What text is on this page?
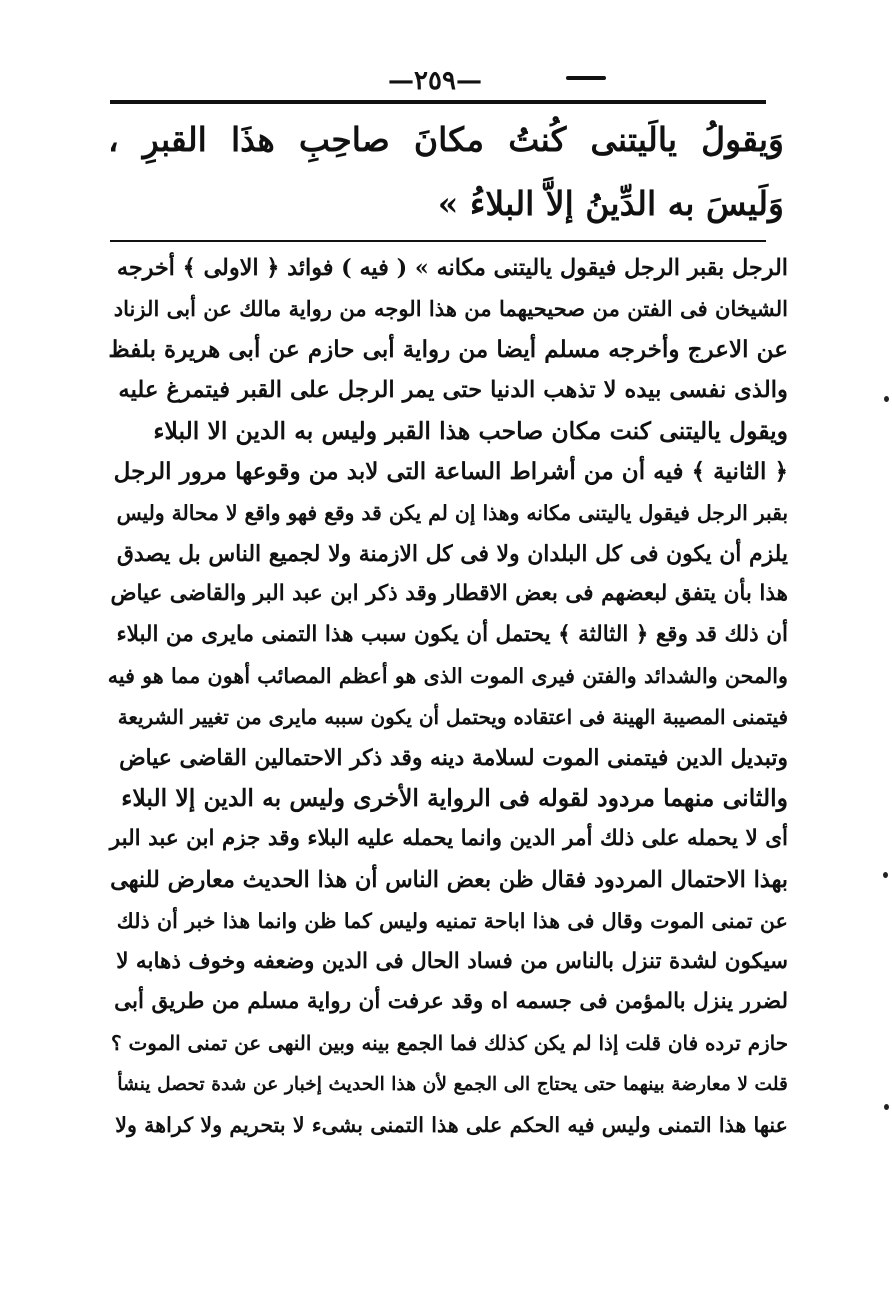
—٢٥٩—
وَيقولُ يالَيتنى كُنتُ مكانَ صاحِبِ هذَا القبرِ ، وَلَيسَ به الدِّينُ إلاَّ البلاءُ »
الرجل بقبر الرجل فيقول ياليتنى مكانه » ( فيه ) فوائد ﴿ الاولى ﴾ أخرجه
الشيخان فى الفتن من صحيحيهما من هذا الوجه من رواية مالك عن أبى الزناد
عن الاعرج وأخرجه مسلم أيضا من رواية أبى حازم عن أبى هريرة بلفظ
والذى نفسى بيده لا تذهب الدنيا حتى يمر الرجل على القبر فيتمرغ عليه
ويقول ياليتنى كنت مكان صاحب هذا القبر وليس به الدين الا البلاء
﴿ الثانية ﴾ فيه أن من أشراط الساعة التى لابد من وقوعها مرور الرجل
بقبر الرجل فيقول ياليتنى مكانه وهذا إن لم يكن قد وقع فهو واقع لا محالة وليس
يلزم أن يكون فى كل البلدان ولا فى كل الازمنة ولا لجميع الناس بل يصدق
هذا بأن يتفق لبعضهم فى بعض الاقطار وقد ذكر ابن عبد البر والقاضى عياض
أن ذلك قد وقع ﴿ الثالثة ﴾ يحتمل أن يكون سبب هذا التمنى مايرى من البلاء
والمحن والشدائد والفتن فيرى الموت الذى هو أعظم المصائب أهون مما هو فيه
فيتمنى المصيبة الهينة فى اعتقاده ويحتمل أن يكون سببه مايرى من تغيير الشريعة
وتبديل الدين فيتمنى الموت لسلامة دينه وقد ذكر الاحتمالين القاضى عياض
والثانى منهما مردود لقوله فى الرواية الأخرى وليس به الدين إلا البلاء
أى لا يحمله على ذلك أمر الدين وانما يحمله عليه البلاء وقد جزم ابن عبد البر
بهذا الاحتمال المردود فقال ظن بعض الناس أن هذا الحديث معارض للنهى
عن تمنى الموت وقال فى هذا اباحة تمنيه وليس كما ظن وانما هذا خبر أن ذلك
سيكون لشدة تنزل بالناس من فساد الحال فى الدين وضعفه وخوف ذهابه لا
لضرر ينزل بالمؤمن فى جسمه اه وقد عرفت أن رواية مسلم من طريق أبى
حازم ترده فان قلت إذا لم يكن كذلك فما الجمع بينه وبين النهى عن تمنى الموت ؟
قلت لا معارضة بينهما حتى يحتاج الى الجمع لأن هذا الحديث إخبار عن شدة تحصل ينشأ
عنها هذا التمنى وليس فيه الحكم على هذا التمنى بشىء لا بتحريم ولا كراهة ولا
